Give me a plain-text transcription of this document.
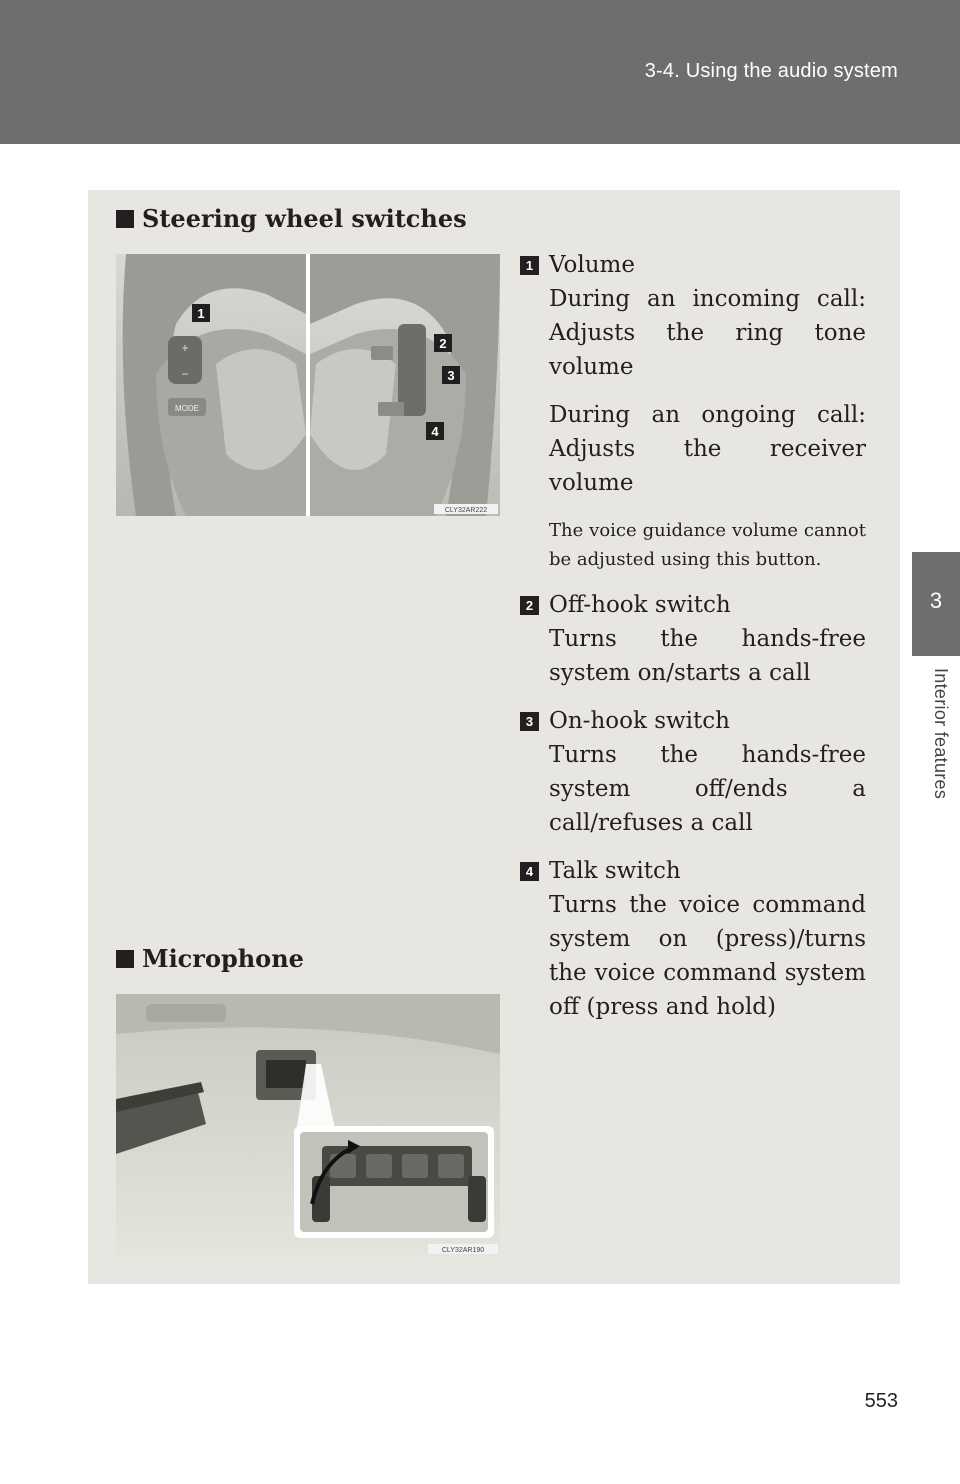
3-4. Using the audio system
3
Interior features
Steering wheel switches
+
−
MODE
1
2
3
4
CLY32AR222
1 Volume
During an incoming call: Adjusts the ring tone volume
During an ongoing call: Adjusts the receiver volume
The voice guidance volume cannot be adjusted using this button.
2 Off-hook switch
Turns the hands-free system on/starts a call
3 On-hook switch
Turns the hands-free system off/ends a call/refuses a call
4 Talk switch
Turns the voice command system on (press)/turns the voice command system off (press and hold)
Microphone
CLY32AR190
553
